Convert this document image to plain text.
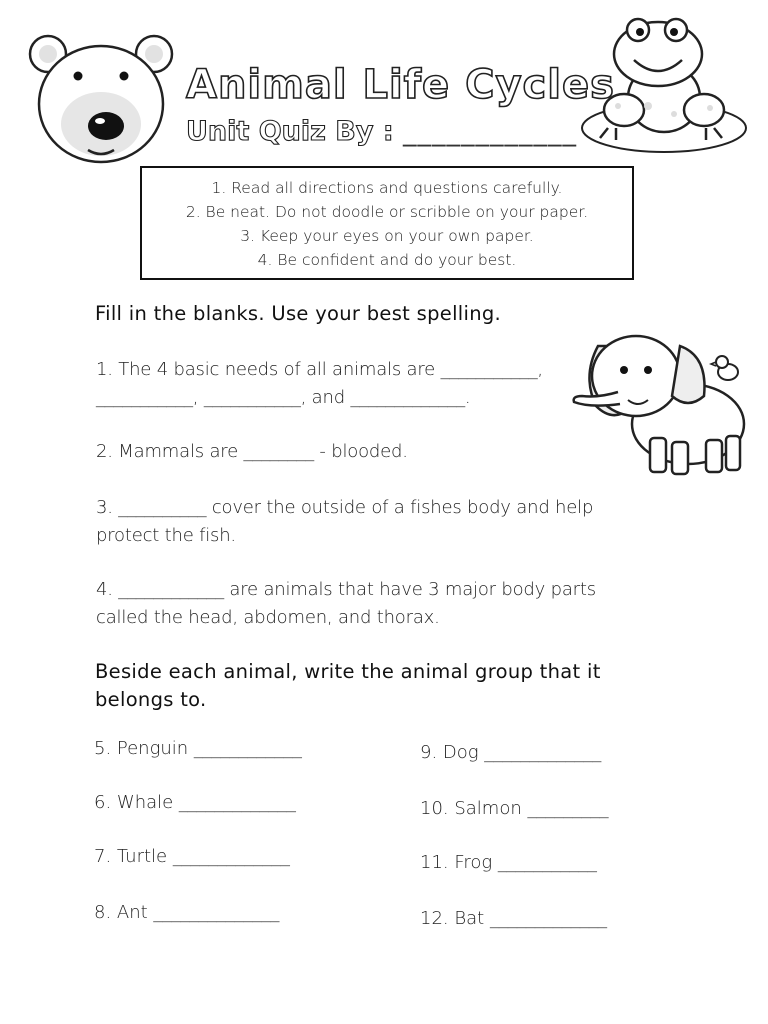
Animal Life Cycles
Unit Quiz By : ____________
1. Read all directions and questions carefully.
2. Be neat. Do not doodle or scribble on your paper.
3. Keep your eyes on your own paper.
4. Be confident and do your best.
Fill in the blanks. Use your best spelling.
1. The 4 basic needs of all animals are ___________,
___________, ___________, and _____________.
2. Mammals are ________ - blooded.
3. __________ cover the outside of a fishes body and help
protect the fish.
4. ____________ are animals that have 3 major body parts
called the head, abdomen, and thorax.
Beside each animal, write the animal group that it
belongs to.
5. Penguin ____________
6. Whale _____________
7. Turtle _____________
8. Ant ______________
9. Dog _____________
10. Salmon _________
11. Frog ___________
12. Bat _____________
